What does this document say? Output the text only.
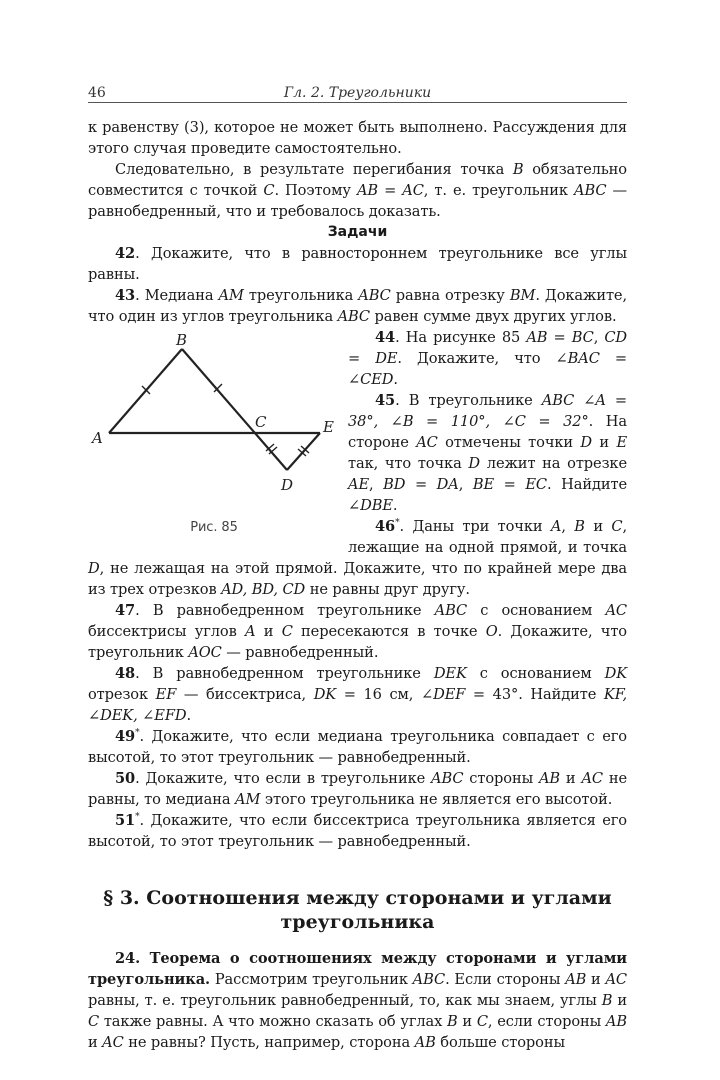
46	Гл. 2. Треугольники

к равенству (3), которое не может быть выполнено. Рассуждения для этого случая проведите самостоятельно.

Следовательно, в результате перегибания точка B обязательно совместится с точкой C. Поэтому AB = AC, т. е. треугольник ABC — равнобедренный, что и требовалось доказать.

Задачи

42. Докажите, что в равностороннем треугольнике все углы равны.

43. Медиана AM треугольника ABC равна отрезку BM. Докажите, что один из углов треугольника ABC равен сумме двух других углов.

B
A
C	E
D
Рис. 85

44. На рисунке 85 AB = BC, CD = DE. Докажите, что ∠BAC = ∠CED.

45. В треугольнике ABC ∠A = 38°, ∠B = 110°, ∠C = 32°. На стороне AC отмечены точки D и E так, что точка D лежит на отрезке AE, BD = DA, BE = EC. Найдите ∠DBE.

46*. Даны три точки A, B и C, лежащие на одной прямой, и точка D, не лежащая на этой прямой. Докажите, что по крайней мере два из трех отрезков AD, BD, CD не равны друг другу.

47. В равнобедренном треугольнике ABC с основанием AC биссектрисы углов A и C пересекаются в точке O. Докажите, что треугольник AOC — равнобедренный.

48. В равнобедренном треугольнике DEK с основанием DK отрезок EF — биссектриса, DK = 16 см, ∠DEF = 43°. Найдите KF, ∠DEK, ∠EFD.

49*. Докажите, что если медиана треугольника совпадает с его высотой, то этот треугольник — равнобедренный.

50. Докажите, что если в треугольнике ABC стороны AB и AC не равны, то медиана AM этого треугольника не является его высотой.

51*. Докажите, что если биссектриса треугольника является его высотой, то этот треугольник — равнобедренный.

§ 3. Соотношения между сторонами и углами
треугольника

24. Теорема о соотношениях между сторонами и углами треугольника. Рассмотрим треугольник ABC. Если стороны AB и AC равны, т. е. треугольник равнобедренный, то, как мы знаем, углы B и C также равны. А что можно сказать об углах B и C, если стороны AB и AC не равны? Пусть, например, сторона AB больше стороны
